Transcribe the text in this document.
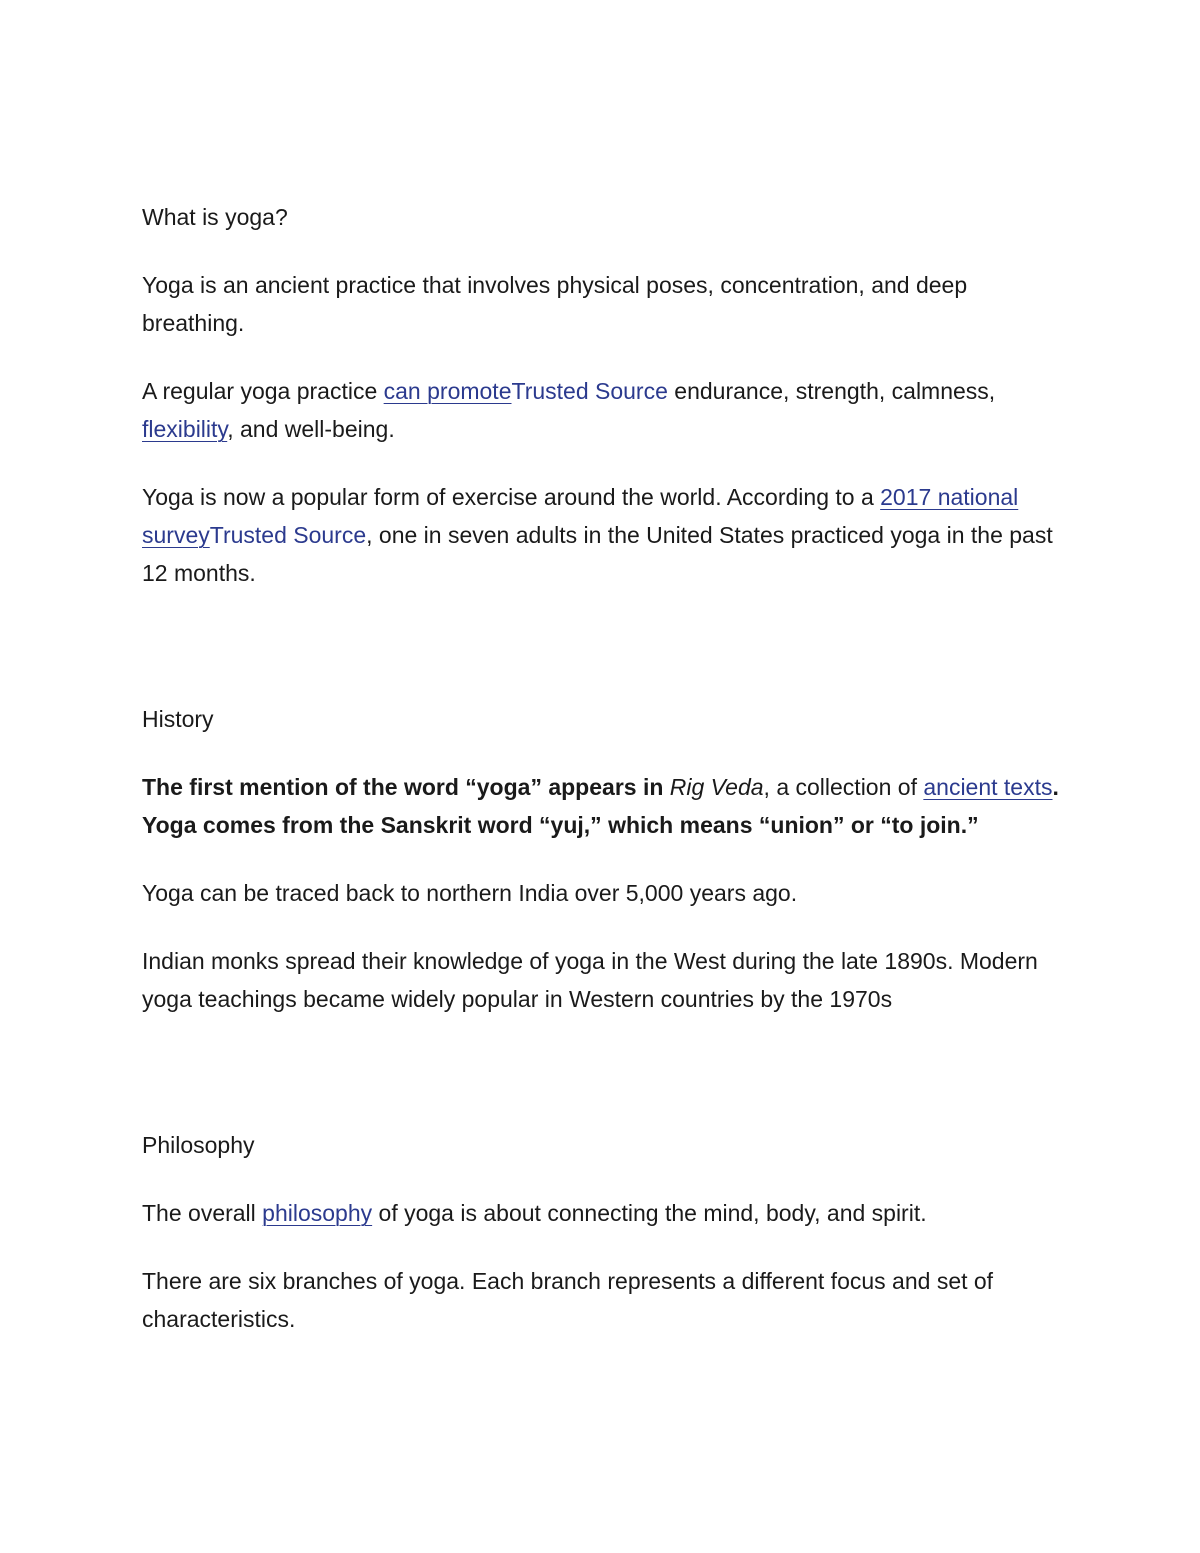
What is yoga?

Yoga is an ancient practice that involves physical poses, concentration, and deep breathing.

A regular yoga practice can promoteTrusted Source endurance, strength, calmness, flexibility, and well-being.

Yoga is now a popular form of exercise around the world. According to a 2017 national surveyTrusted Source, one in seven adults in the United States practiced yoga in the past 12 months.

History

The first mention of the word “yoga” appears in Rig Veda, a collection of ancient texts. Yoga comes from the Sanskrit word “yuj,” which means “union” or “to join.”

Yoga can be traced back to northern India over 5,000 years ago.

Indian monks spread their knowledge of yoga in the West during the late 1890s. Modern yoga teachings became widely popular in Western countries by the 1970s

Philosophy

The overall philosophy of yoga is about connecting the mind, body, and spirit.

There are six branches of yoga. Each branch represents a different focus and set of characteristics.
